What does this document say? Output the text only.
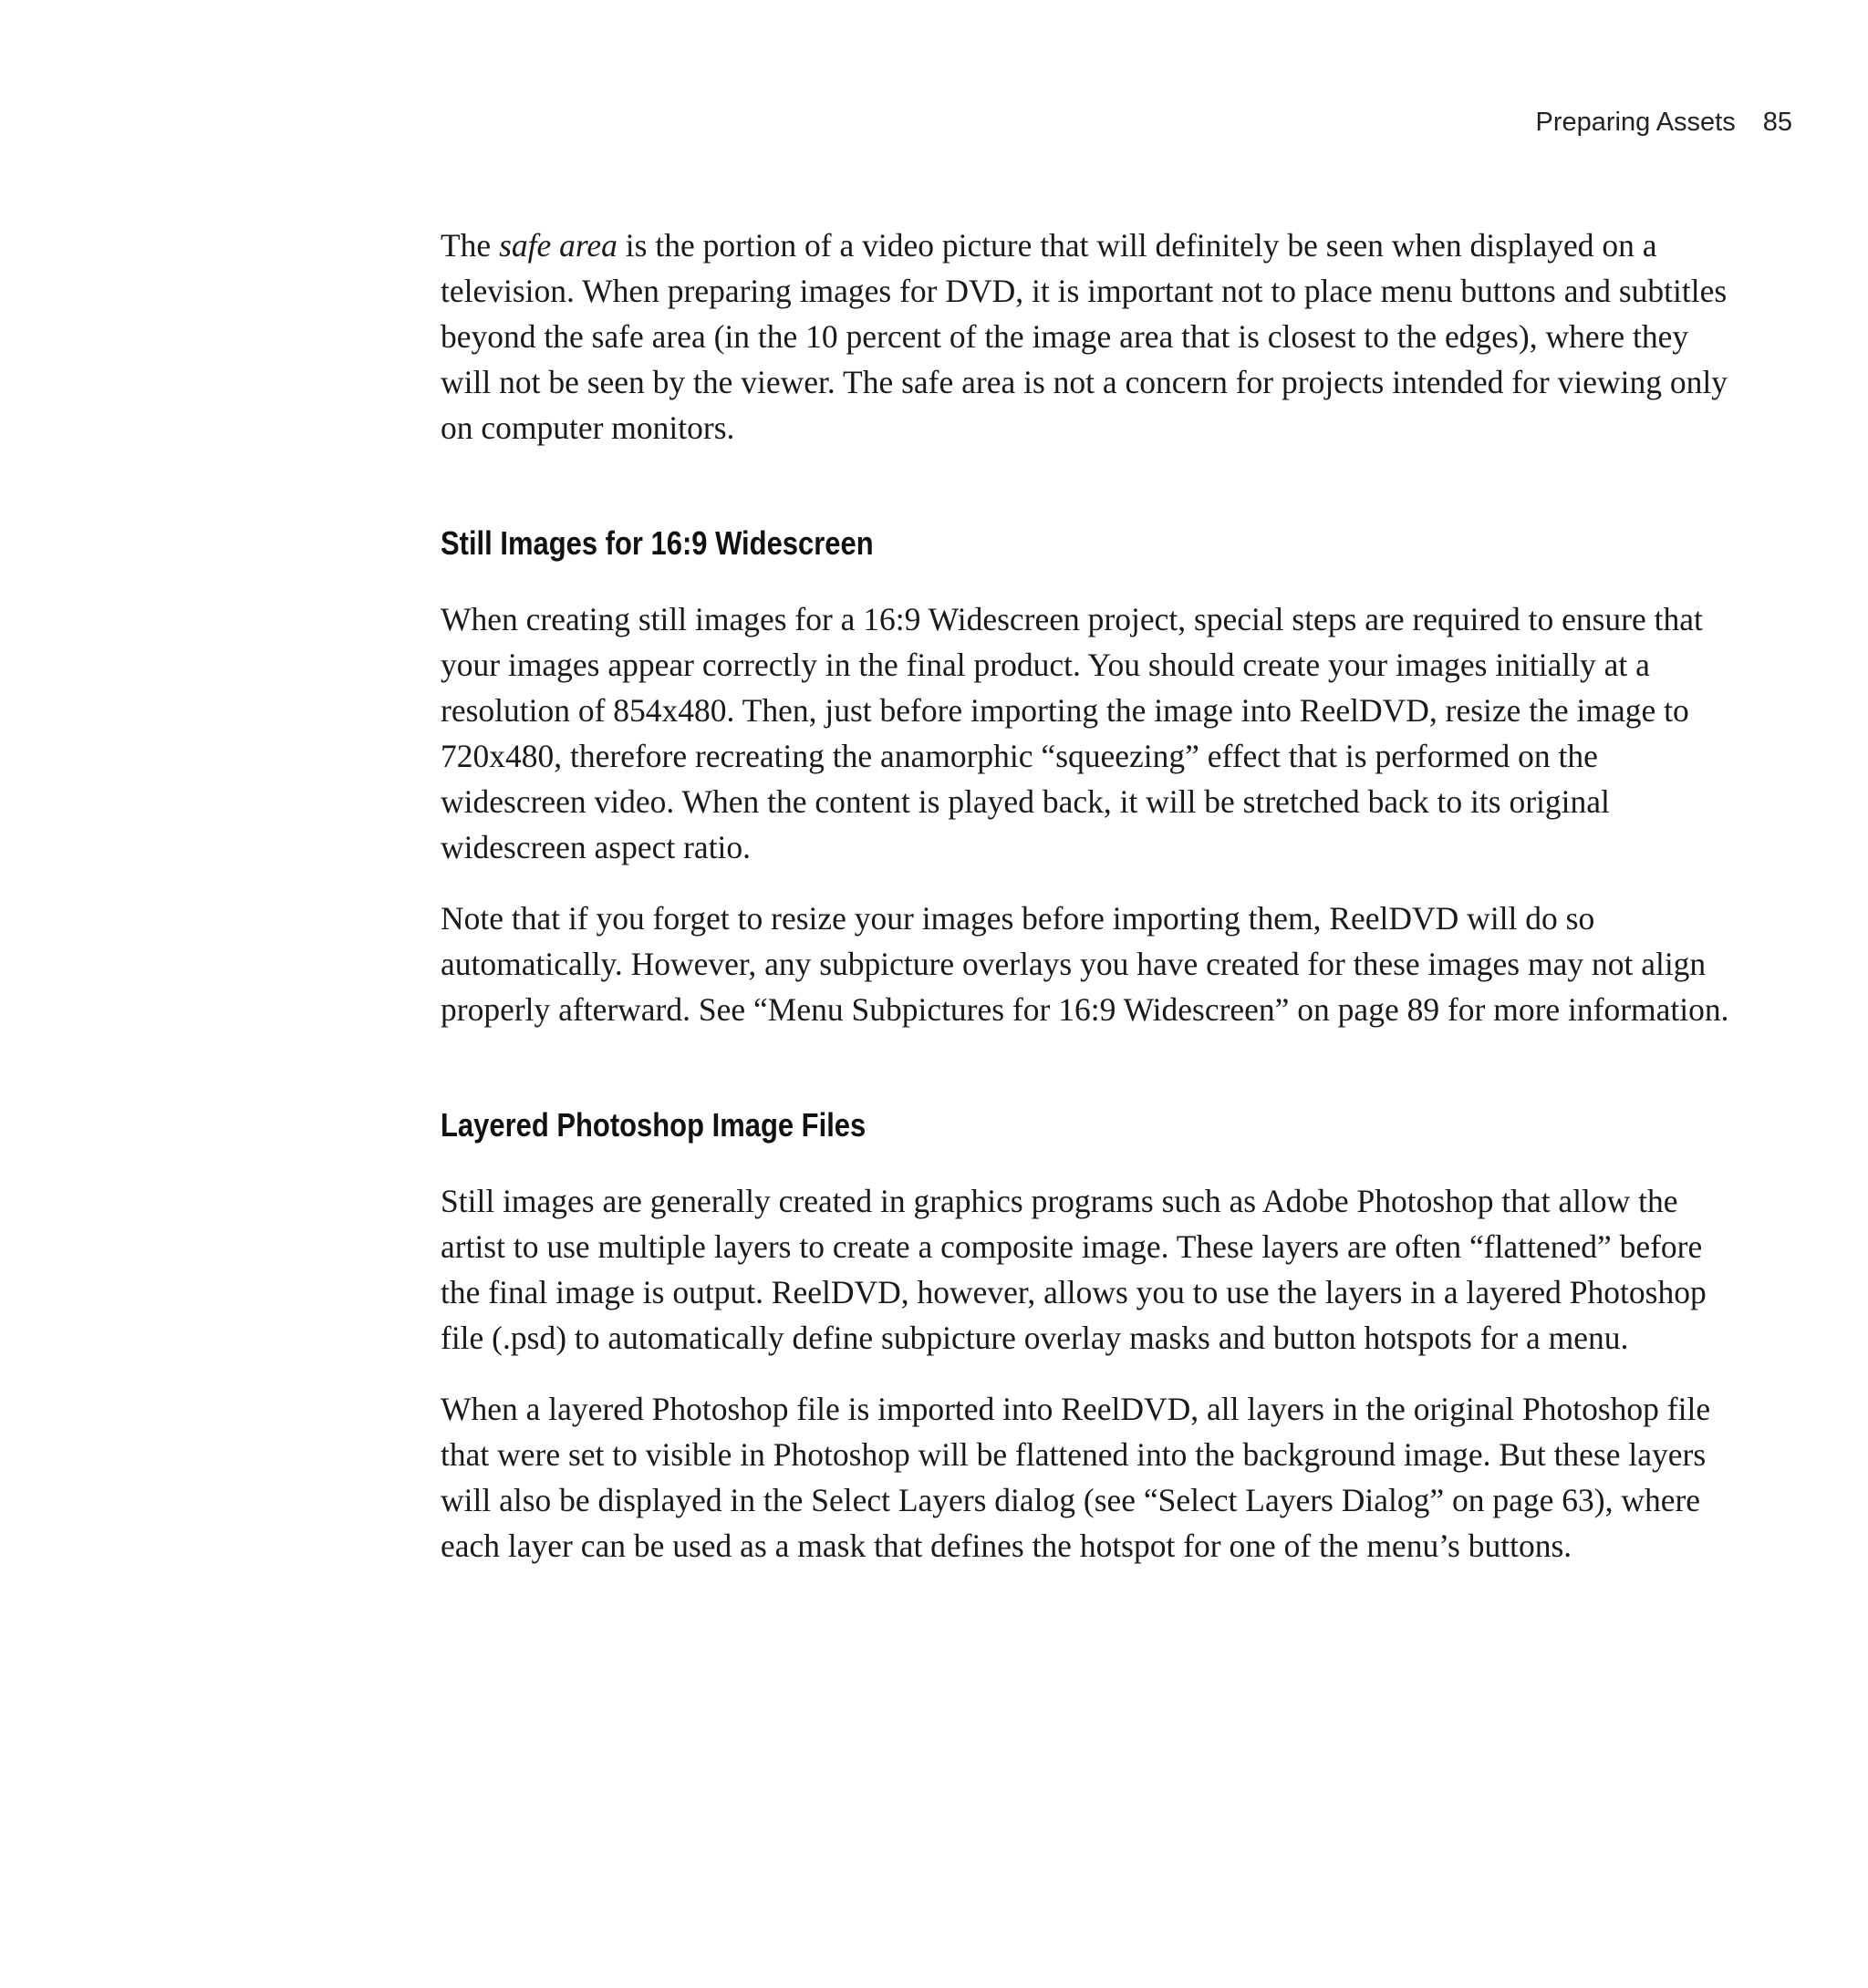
Preparing Assets 85

The safe area is the portion of a video picture that will definitely be seen when displayed on a television. When preparing images for DVD, it is important not to place menu buttons and subtitles beyond the safe area (in the 10 percent of the image area that is closest to the edges), where they will not be seen by the viewer. The safe area is not a concern for projects intended for viewing only on computer monitors.

Still Images for 16:9 Widescreen

When creating still images for a 16:9 Widescreen project, special steps are required to ensure that your images appear correctly in the final product. You should create your images initially at a resolution of 854x480. Then, just before importing the image into ReelDVD, resize the image to 720x480, therefore recreating the anamorphic “squeezing” effect that is performed on the widescreen video. When the content is played back, it will be stretched back to its original widescreen aspect ratio.

Note that if you forget to resize your images before importing them, ReelDVD will do so automatically. However, any subpicture overlays you have created for these images may not align properly afterward. See “Menu Subpictures for 16:9 Widescreen” on page 89 for more information.

Layered Photoshop Image Files

Still images are generally created in graphics programs such as Adobe Photoshop that allow the artist to use multiple layers to create a composite image. These layers are often “flattened” before the final image is output. ReelDVD, however, allows you to use the layers in a layered Photoshop file (.psd) to automatically define subpicture overlay masks and button hotspots for a menu.

When a layered Photoshop file is imported into ReelDVD, all layers in the original Photoshop file that were set to visible in Photoshop will be flattened into the background image. But these layers will also be displayed in the Select Layers dialog (see “Select Layers Dialog” on page 63), where each layer can be used as a mask that defines the hotspot for one of the menu’s buttons.
